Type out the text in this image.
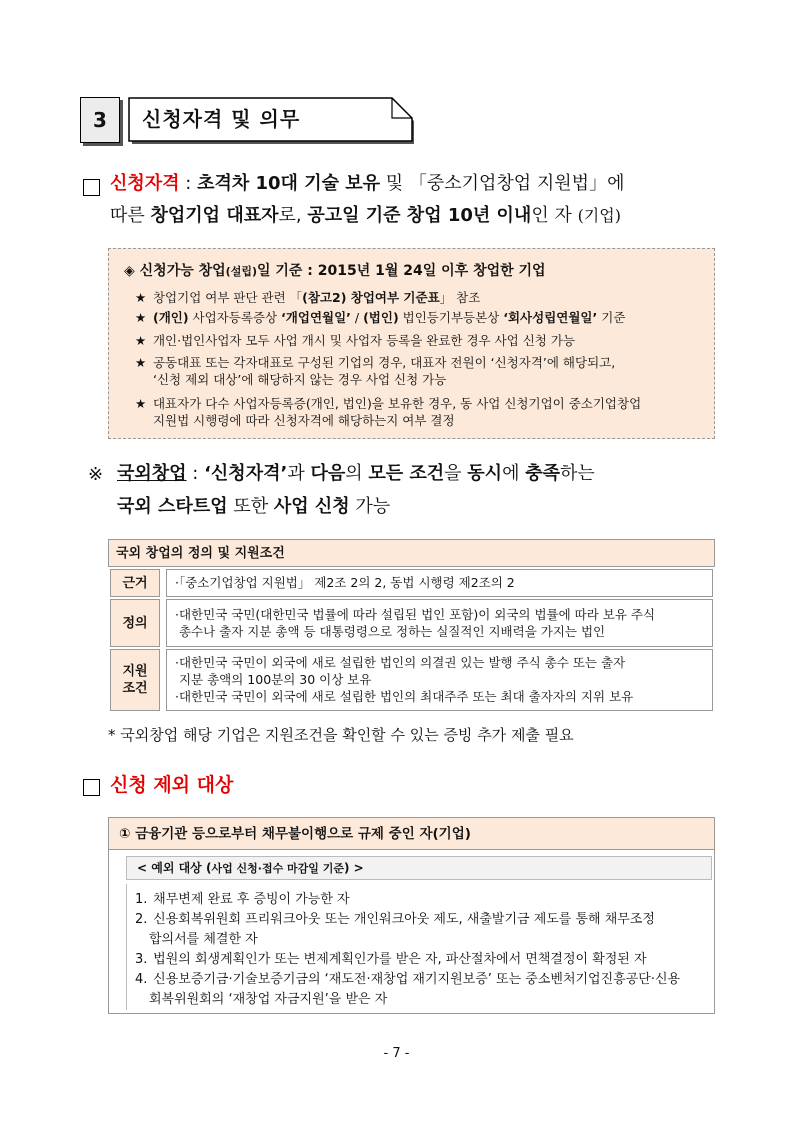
3 신청자격 및 의무
신청자격 : 초격차 10대 기술 보유 및 「중소기업창업 지원법」에
따른 창업기업 대표자로, 공고일 기준 창업 10년 이내인 자 (기업)
◈ 신청가능 창업(설립)일 기준 : 2015년 1월 24일 이후 창업한 기업
★ 창업기업 여부 판단 관련 「(참고2) 창업여부 기준표」 참조
★ (개인) 사업자등록증상 ‘개업연월일’ / (법인) 법인등기부등본상 ‘회사성립연월일’ 기준
★ 개인·법인사업자 모두 사업 개시 및 사업자 등록을 완료한 경우 사업 신청 가능
★ 공동대표 또는 각자대표로 구성된 기업의 경우, 대표자 전원이 ‘신청자격’에 해당되고,
‘신청 제외 대상’에 해당하지 않는 경우 사업 신청 가능
★ 대표자가 다수 사업자등록증(개인, 법인)을 보유한 경우, 동 사업 신청기업이 중소기업창업
지원법 시행령에 따라 신청자격에 해당하는지 여부 결정
※ 국외창업 : ‘신청자격’과 다음의 모든 조건을 동시에 충족하는
국외 스타트업 또한 사업 신청 가능
국외 창업의 정의 및 지원조건
근거	·「중소기업창업 지원법」 제2조 2의 2, 동법 시행령 제2조의 2
정의
·대한민국 국민(대한민국 법률에 따라 설립된 법인 포함)이 외국의 법률에 따라 보유 주식
총수나 출자 지분 총액 등 대통령령으로 정하는 실질적인 지배력을 가지는 법인
지원
조건
·대한민국 국민이 외국에 새로 설립한 법인의 의결권 있는 발행 주식 총수 또는 출자
지분 총액의 100분의 30 이상 보유
·대한민국 국민이 외국에 새로 설립한 법인의 최대주주 또는 최대 출자자의 지위 보유
* 국외창업 해당 기업은 지원조건을 확인할 수 있는 증빙 추가 제출 필요
신청 제외 대상
① 금융기관 등으로부터 채무불이행으로 규제 중인 자(기업)
< 예외 대상 (사업 신청·접수 마감일 기준) >
1. 채무변제 완료 후 증빙이 가능한 자
2. 신용회복위원회 프리워크아웃 또는 개인워크아웃 제도, 새출발기금 제도를 통해 채무조정
합의서를 체결한 자
3. 법원의 회생계획인가 또는 변제계획인가를 받은 자, 파산절차에서 면책결정이 확정된 자
4. 신용보증기금·기술보증기금의 ‘재도전·재창업 재기지원보증’ 또는 중소벤처기업진흥공단·신용
회복위원회의 ‘재창업 자금지원’을 받은 자
- 7 -
